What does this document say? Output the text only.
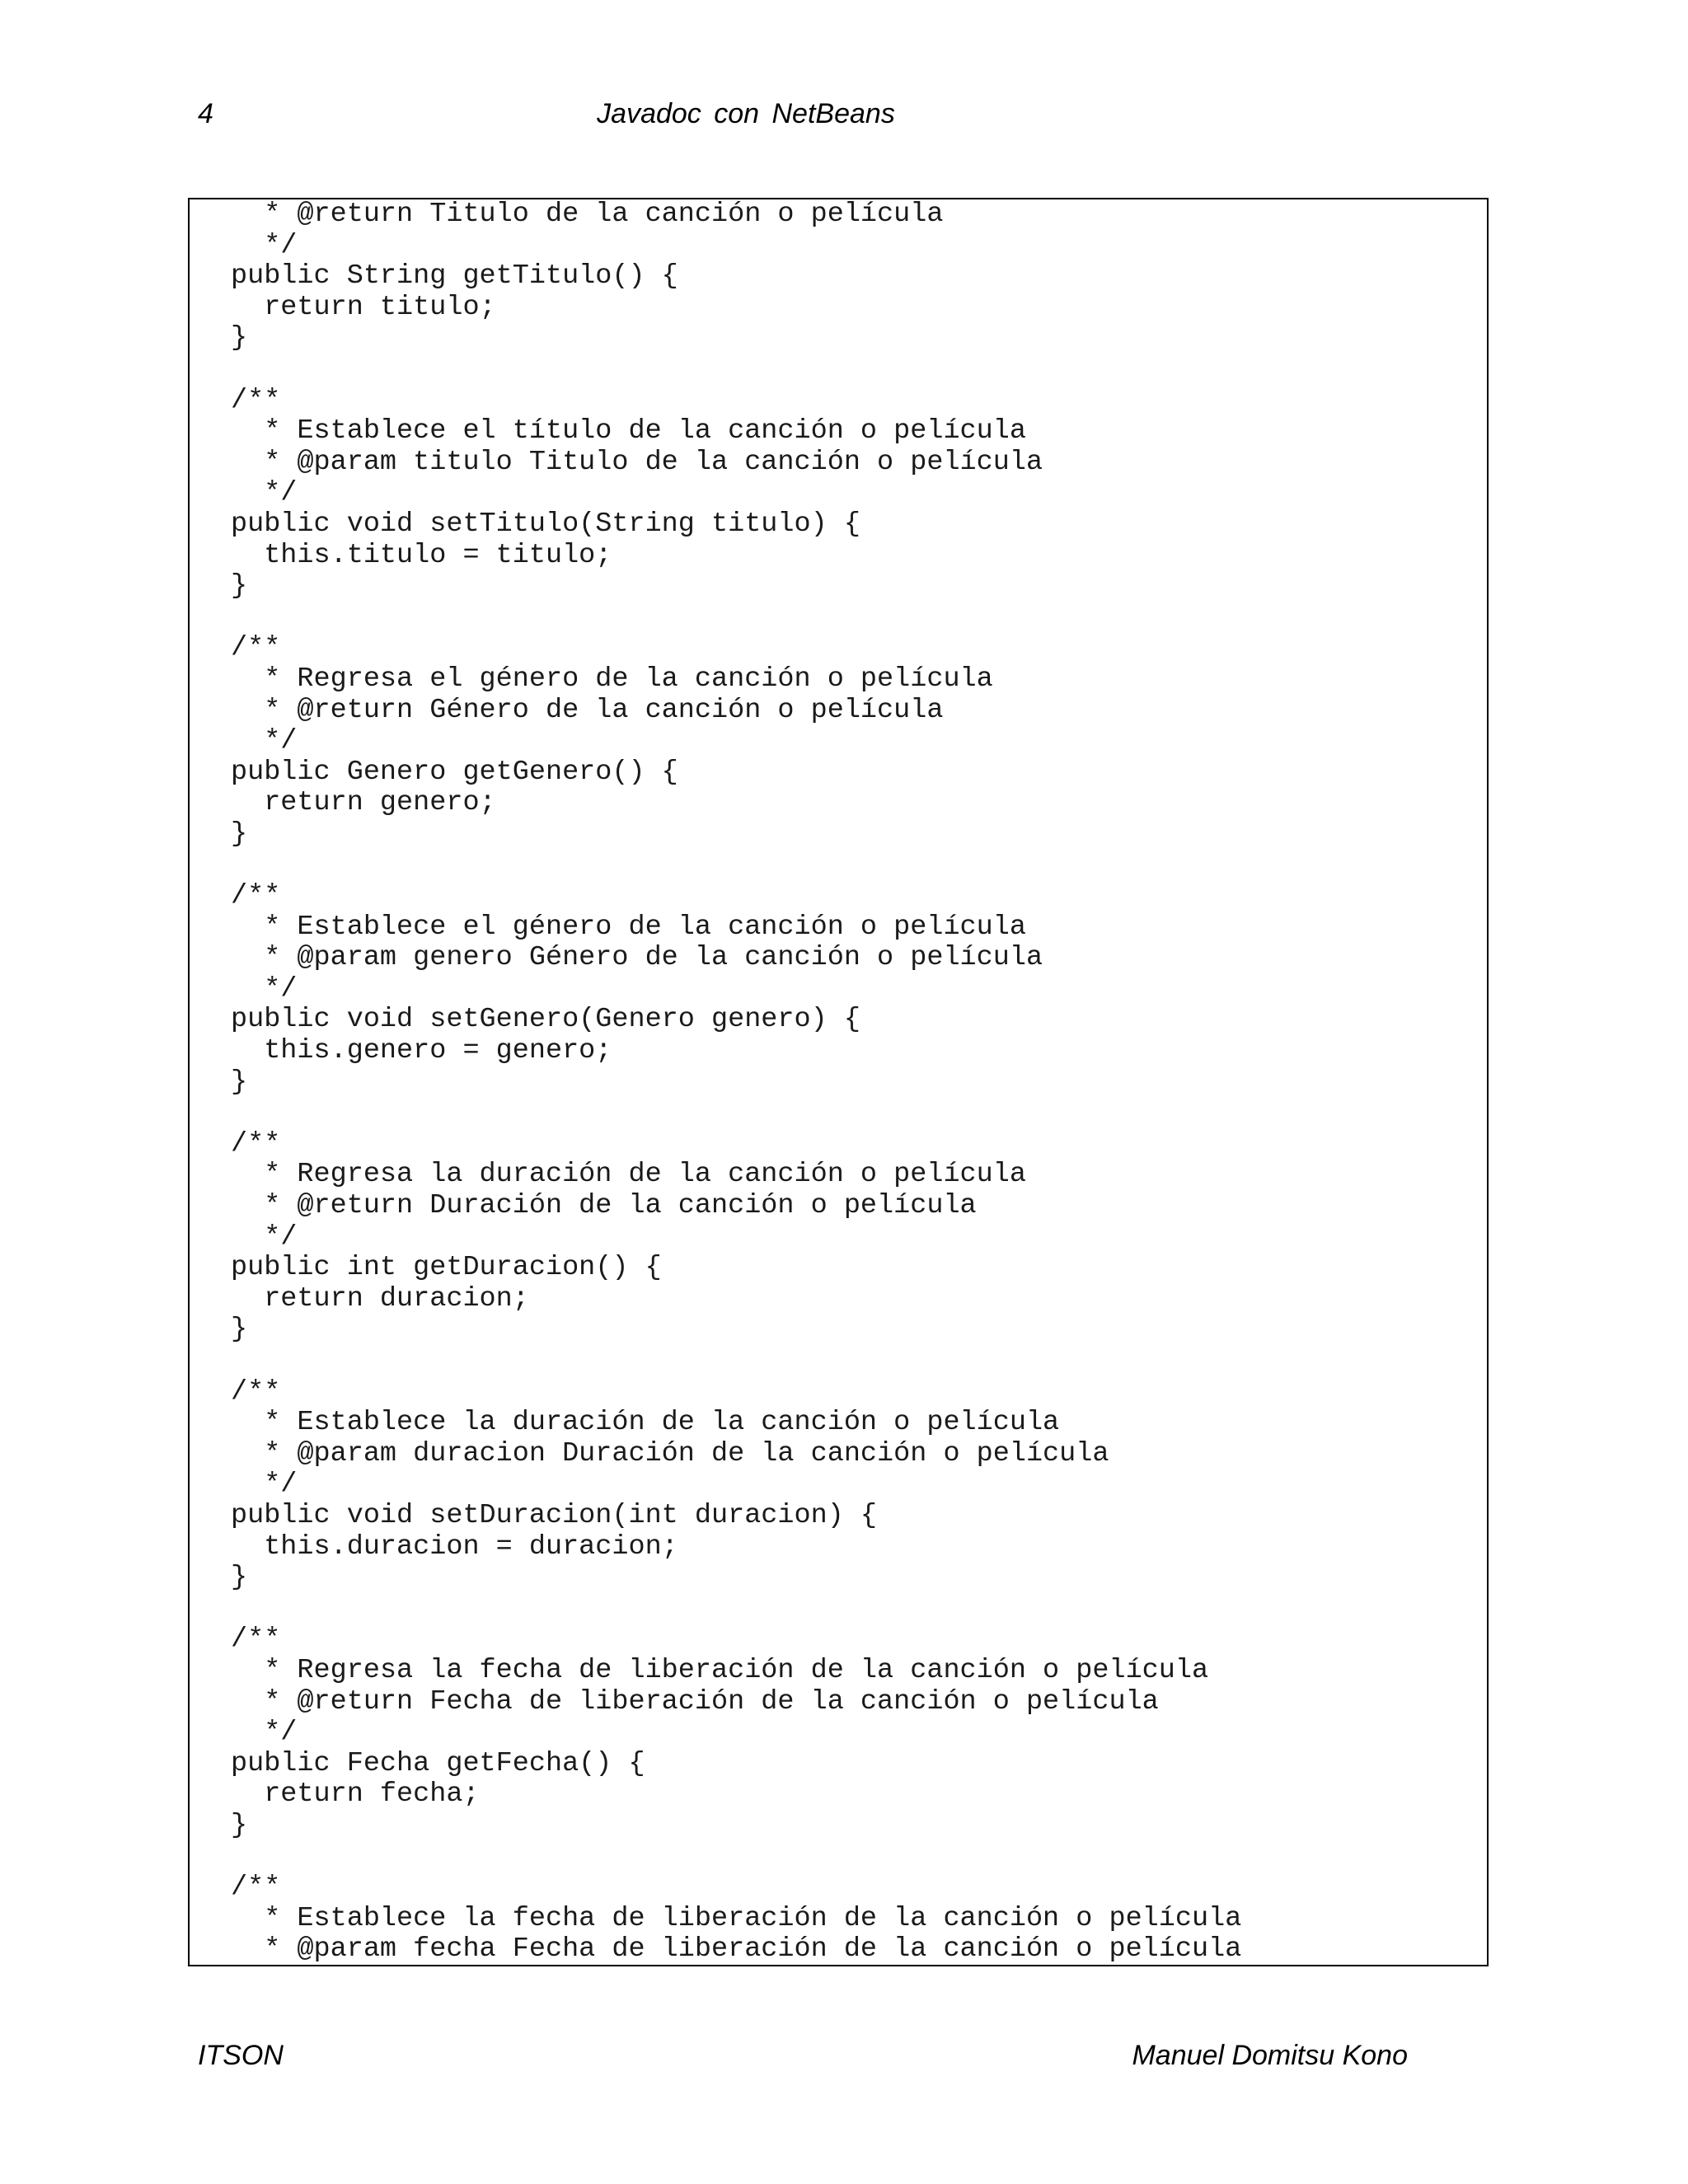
4	Javadoc con NetBeans
* @return Titulo de la canción o película
*/
public String getTitulo() {
return titulo;
}
/**
* Establece el título de la canción o película
* @param titulo Titulo de la canción o película
*/
public void setTitulo(String titulo) {
this.titulo = titulo;
}
/**
* Regresa el género de la canción o película
* @return Género de la canción o película
*/
public Genero getGenero() {
return genero;
}
/**
* Establece el género de la canción o película
* @param genero Género de la canción o película
*/
public void setGenero(Genero genero) {
this.genero = genero;
}
/**
* Regresa la duración de la canción o película
* @return Duración de la canción o película
*/
public int getDuracion() {
return duracion;
}
/**
* Establece la duración de la canción o película
* @param duracion Duración de la canción o película
*/
public void setDuracion(int duracion) {
this.duracion = duracion;
}
/**
* Regresa la fecha de liberación de la canción o película
* @return Fecha de liberación de la canción o película
*/
public Fecha getFecha() {
return fecha;
}
/**
* Establece la fecha de liberación de la canción o película
* @param fecha Fecha de liberación de la canción o película
ITSON	Manuel Domitsu Kono
